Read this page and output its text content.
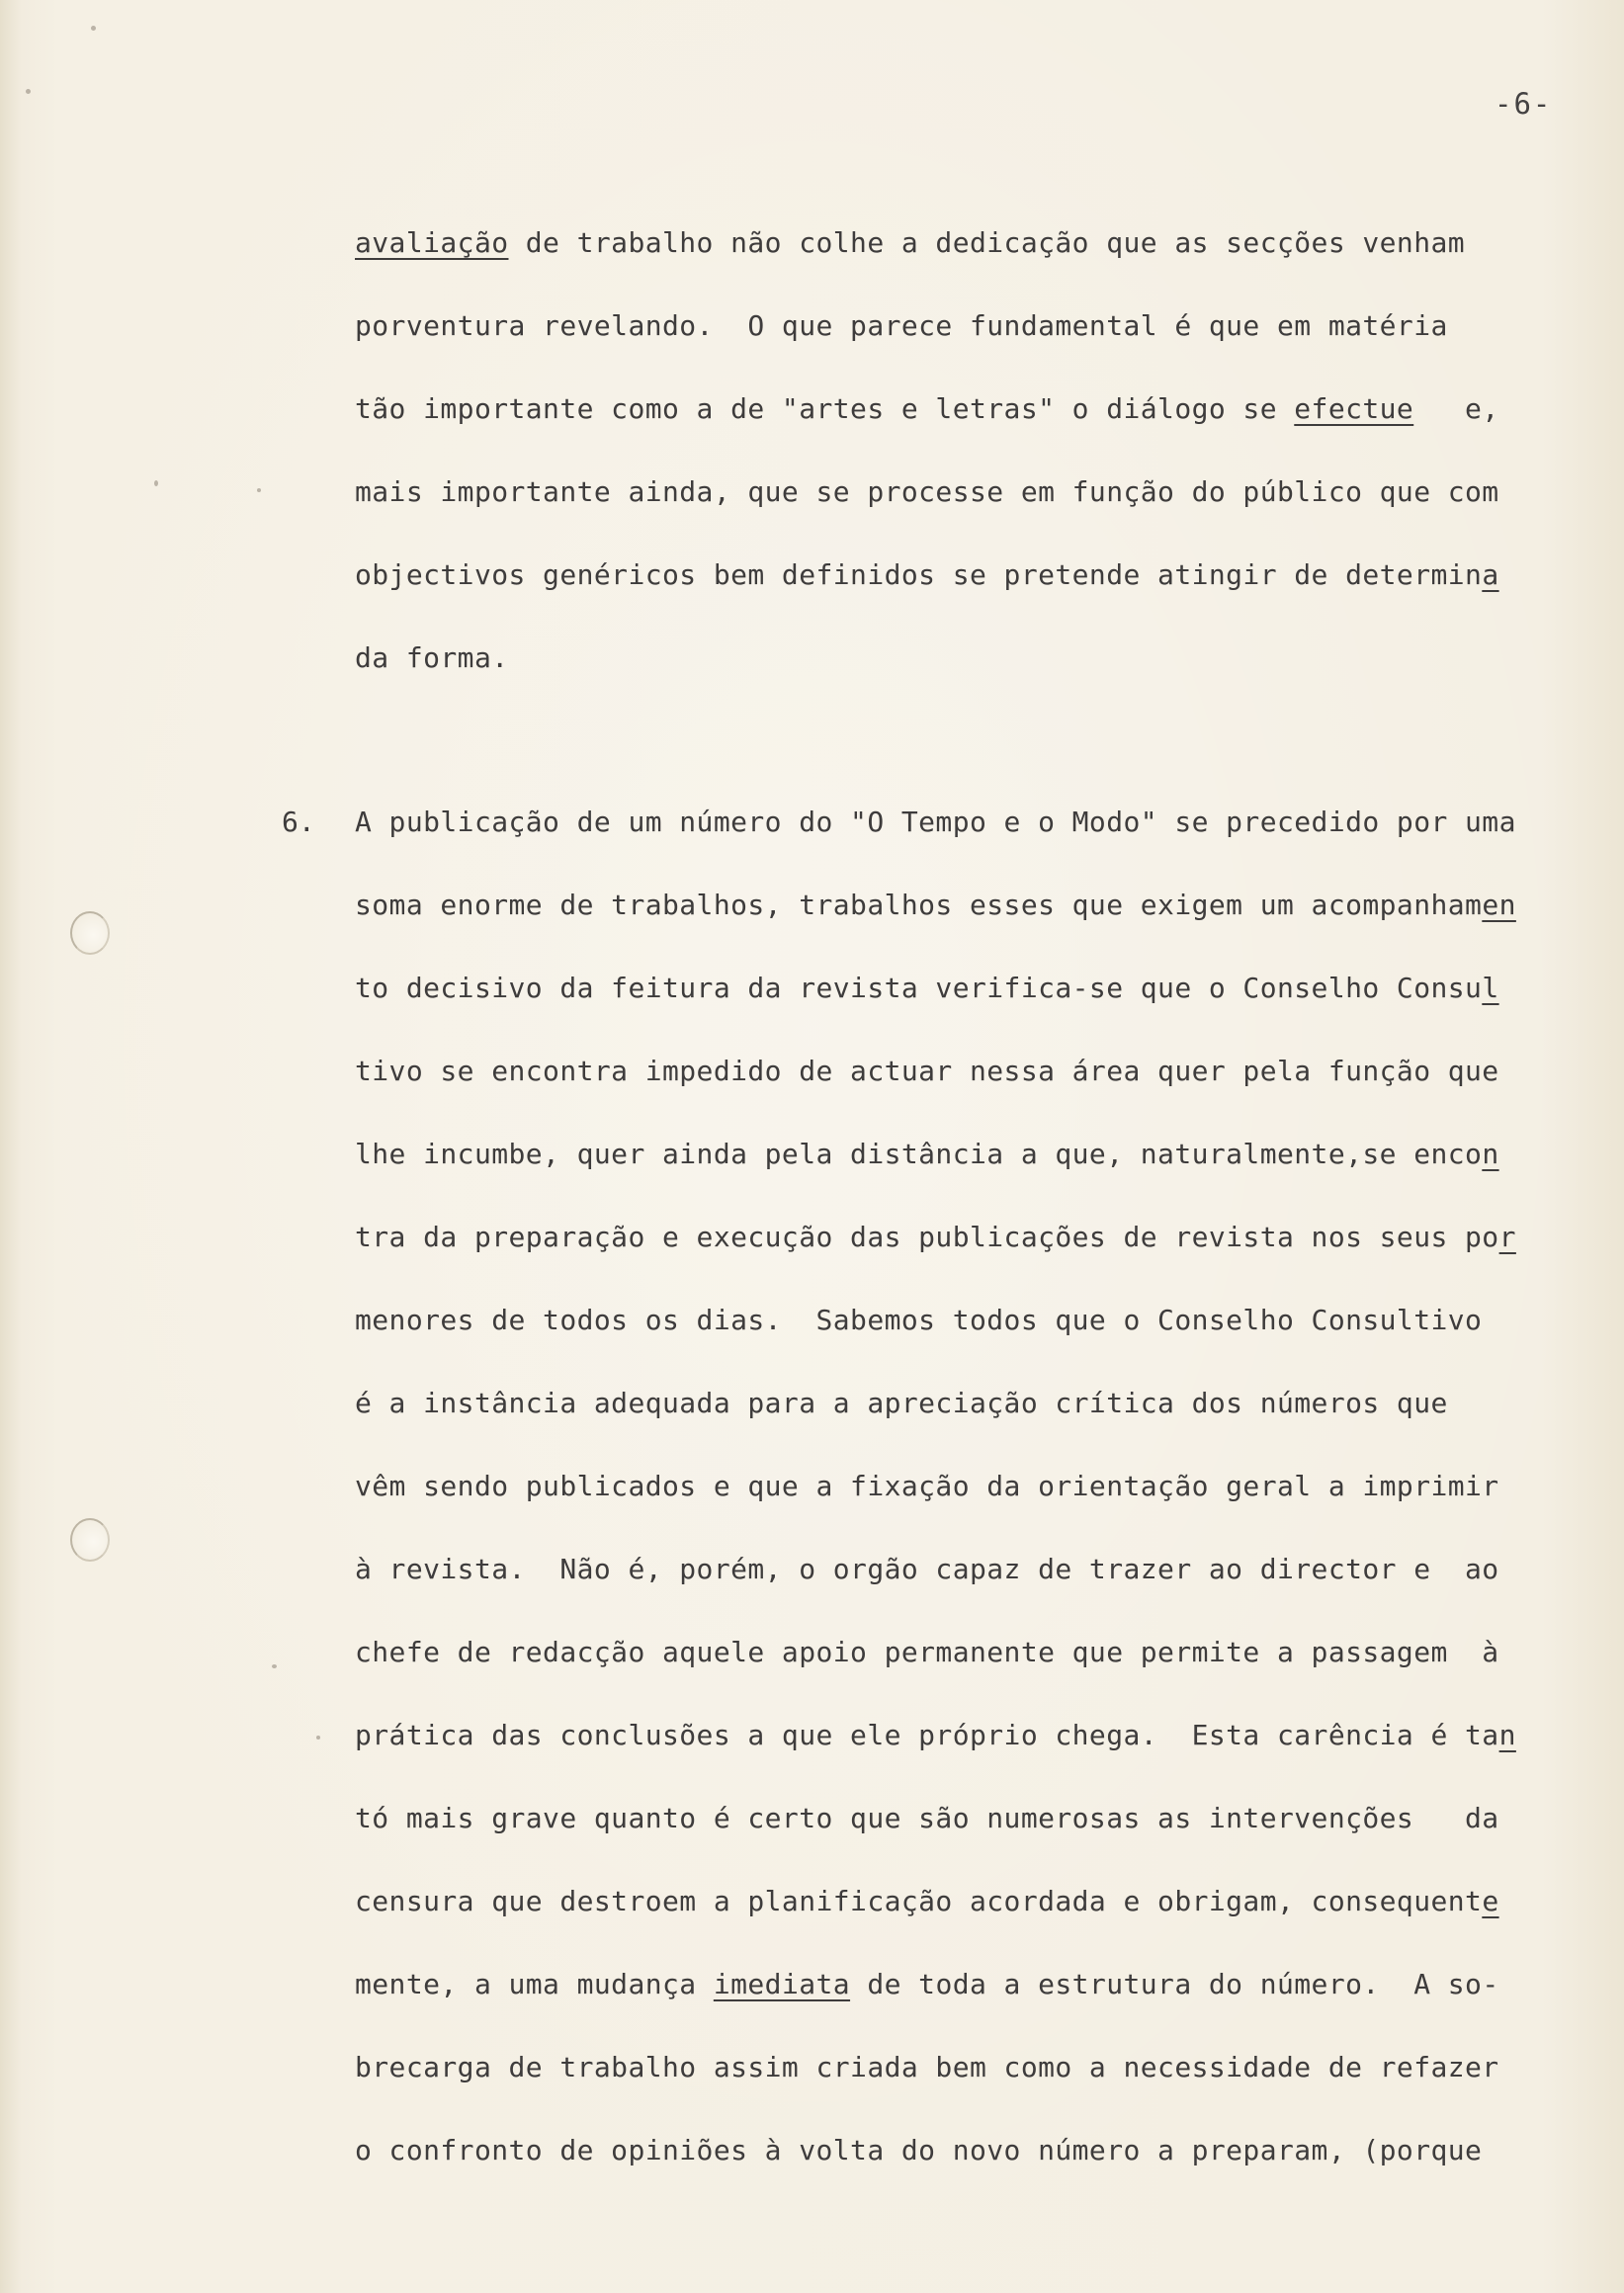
-6-
6.
avaliação de trabalho não colhe a dedicação que as secções venham
porventura revelando.  O que parece fundamental é que em matéria
tão importante como a de "artes e letras" o diálogo se efectue   e,
mais importante ainda, que se processe em função do público que com
objectivos genéricos bem definidos se pretende atingir de determina
da forma.
A publicação de um número do "O Tempo e o Modo" se precedido por uma
soma enorme de trabalhos, trabalhos esses que exigem um acompanhamen
to decisivo da feitura da revista verifica-se que o Conselho Consul
tivo se encontra impedido de actuar nessa área quer pela função que
lhe incumbe, quer ainda pela distância a que, naturalmente,se encon
tra da preparação e execução das publicações de revista nos seus por
menores de todos os dias.  Sabemos todos que o Conselho Consultivo
é a instância adequada para a apreciação crítica dos números que
vêm sendo publicados e que a fixação da orientação geral a imprimir
à revista.  Não é, porém, o orgão capaz de trazer ao director e  ao
chefe de redacção aquele apoio permanente que permite a passagem  à
prática das conclusões a que ele próprio chega.  Esta carência é tan
tó mais grave quanto é certo que são numerosas as intervenções   da
censura que destroem a planificação acordada e obrigam, consequente
mente, a uma mudança imediata de toda a estrutura do número.  A so-
brecarga de trabalho assim criada bem como a necessidade de refazer
o confronto de opiniões à volta do novo número a preparam, (porque
